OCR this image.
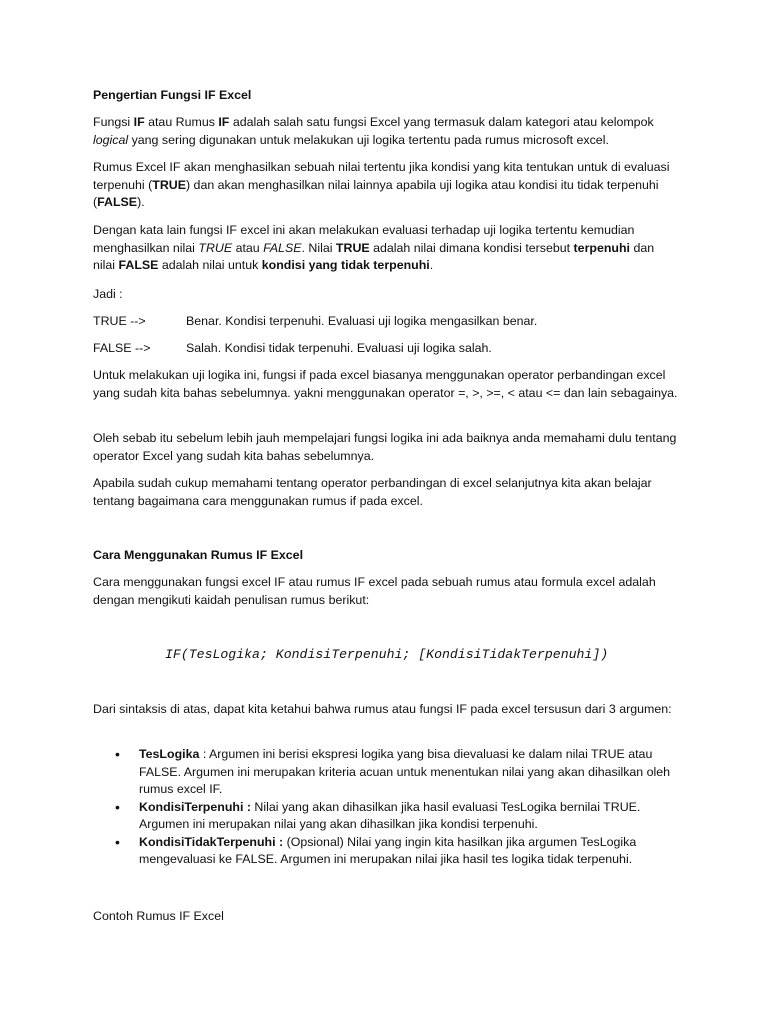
Pengertian Fungsi IF Excel

Fungsi IF atau Rumus IF adalah salah satu fungsi Excel yang termasuk dalam kategori atau kelompok logical yang sering digunakan untuk melakukan uji logika tertentu pada rumus microsoft excel.

Rumus Excel IF akan menghasilkan sebuah nilai tertentu jika kondisi yang kita tentukan untuk di evaluasi terpenuhi (TRUE) dan akan menghasilkan nilai lainnya apabila uji logika atau kondisi itu tidak terpenuhi (FALSE).

Dengan kata lain fungsi IF excel ini akan melakukan evaluasi terhadap uji logika tertentu kemudian menghasilkan nilai TRUE atau FALSE. Nilai TRUE adalah nilai dimana kondisi tersebut terpenuhi dan nilai FALSE adalah nilai untuk kondisi yang tidak terpenuhi.

Jadi :

TRUE -->	Benar. Kondisi terpenuhi. Evaluasi uji logika mengasilkan benar.

FALSE -->	Salah. Kondisi tidak terpenuhi. Evaluasi uji logika salah.

Untuk melakukan uji logika ini, fungsi if pada excel biasanya menggunakan operator perbandingan excel yang sudah kita bahas sebelumnya. yakni menggunakan operator =, >, >=, < atau <= dan lain sebagainya.

Oleh sebab itu sebelum lebih jauh mempelajari fungsi logika ini ada baiknya anda memahami dulu tentang operator Excel yang sudah kita bahas sebelumnya.

Apabila sudah cukup memahami tentang operator perbandingan di excel selanjutnya kita akan belajar tentang bagaimana cara menggunakan rumus if pada excel.

Cara Menggunakan Rumus IF Excel

Cara menggunakan fungsi excel IF atau rumus IF excel pada sebuah rumus atau formula excel adalah dengan mengikuti kaidah penulisan rumus berikut:

IF(TesLogika; KondisiTerpenuhi; [KondisiTidakTerpenuhi])

Dari sintaksis di atas, dapat kita ketahui bahwa rumus atau fungsi IF pada excel tersusun dari 3 argumen:

• TesLogika : Argumen ini berisi ekspresi logika yang bisa dievaluasi ke dalam nilai TRUE atau FALSE. Argumen ini merupakan kriteria acuan untuk menentukan nilai yang akan dihasilkan oleh rumus excel IF.
• KondisiTerpenuhi : Nilai yang akan dihasilkan jika hasil evaluasi TesLogika bernilai TRUE. Argumen ini merupakan nilai yang akan dihasilkan jika kondisi terpenuhi.
• KondisiTidakTerpenuhi : (Opsional) Nilai yang ingin kita hasilkan jika argumen TesLogika mengevaluasi ke FALSE. Argumen ini merupakan nilai jika hasil tes logika tidak terpenuhi.

Contoh Rumus IF Excel
